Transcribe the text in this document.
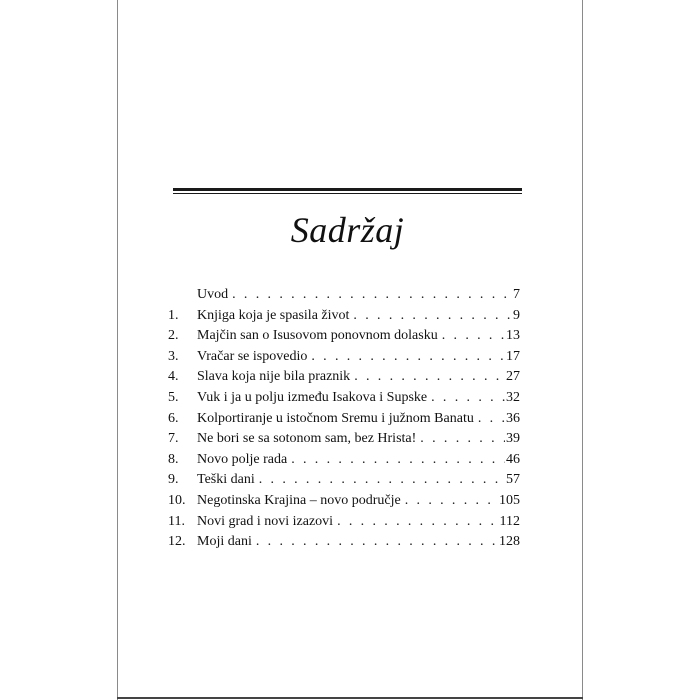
Sadržaj
Uvod . . .	7
1.	Knjiga koja je spasila život . . .	9
2.	Majčin san o Isusovom ponovnom dolasku . . .	13
3.	Vračar se ispovedio . . .	17
4.	Slava koja nije bila praznik . . .	27
5.	Vuk i ja u polju između Isakova i Supske . . .	32
6.	Kolportiranje u istočnom Sremu i južnom Banatu . . . 36
7.	Ne bori se sa sotonom sam, bez Hrista! . . .	39
8.	Novo polje rada . . .	46
9.	Teški dani . . .	57
10. Negotinska Krajina – novo područje . . .	105
11. Novi grad i novi izazovi . . .	112
12. Moji dani . . .	128
